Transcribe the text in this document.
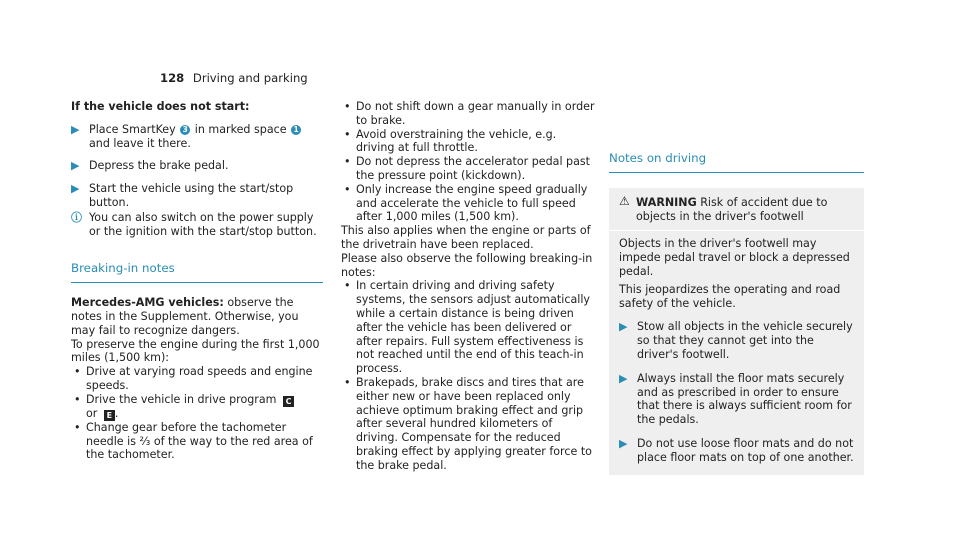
128 Driving and parking

If the vehicle does not start:

▶ Place SmartKey 3 in marked space 1 and leave it there.
▶ Depress the brake pedal.
▶ Start the vehicle using the start/stop button.
ⓘ You can also switch on the power supply or the ignition with the start/stop button.

Breaking-in notes

Mercedes-AMG vehicles: observe the notes in the Supplement. Otherwise, you may fail to recognize dangers.

To preserve the engine during the first 1,000 miles (1,500 km):

• Drive at varying road speeds and engine speeds.
• Drive the vehicle in drive program C
or E .
• Change gear before the tachometer needle is ⅔ of the way to the red area of the tachometer.
• Do not shift down a gear manually in order to brake.
• Avoid overstraining the vehicle, e.g. driving at full throttle.
• Do not depress the accelerator pedal past the pressure point (kickdown).
• Only increase the engine speed gradually and accelerate the vehicle to full speed after 1,000 miles (1,500 km).

This also applies when the engine or parts of the drivetrain have been replaced.

Please also observe the following breaking-in notes:

• In certain driving and driving safety systems, the sensors adjust automatically while a certain distance is being driven after the vehicle has been delivered or after repairs. Full system effectiveness is not reached until the end of this teach-in process.
• Brakepads, brake discs and tires that are either new or have been replaced only achieve optimum braking effect and grip after several hundred kilometers of driving. Compensate for the reduced braking effect by applying greater force to the brake pedal.

Notes on driving

⚠ WARNING Risk of accident due to objects in the driver's footwell

Objects in the driver's footwell may impede pedal travel or block a depressed pedal.

This jeopardizes the operating and road safety of the vehicle.

▶ Stow all objects in the vehicle securely so that they cannot get into the driver's footwell.
▶ Always install the floor mats securely and as prescribed in order to ensure that there is always sufficient room for the pedals.
▶ Do not use loose floor mats and do not place floor mats on top of one another.
